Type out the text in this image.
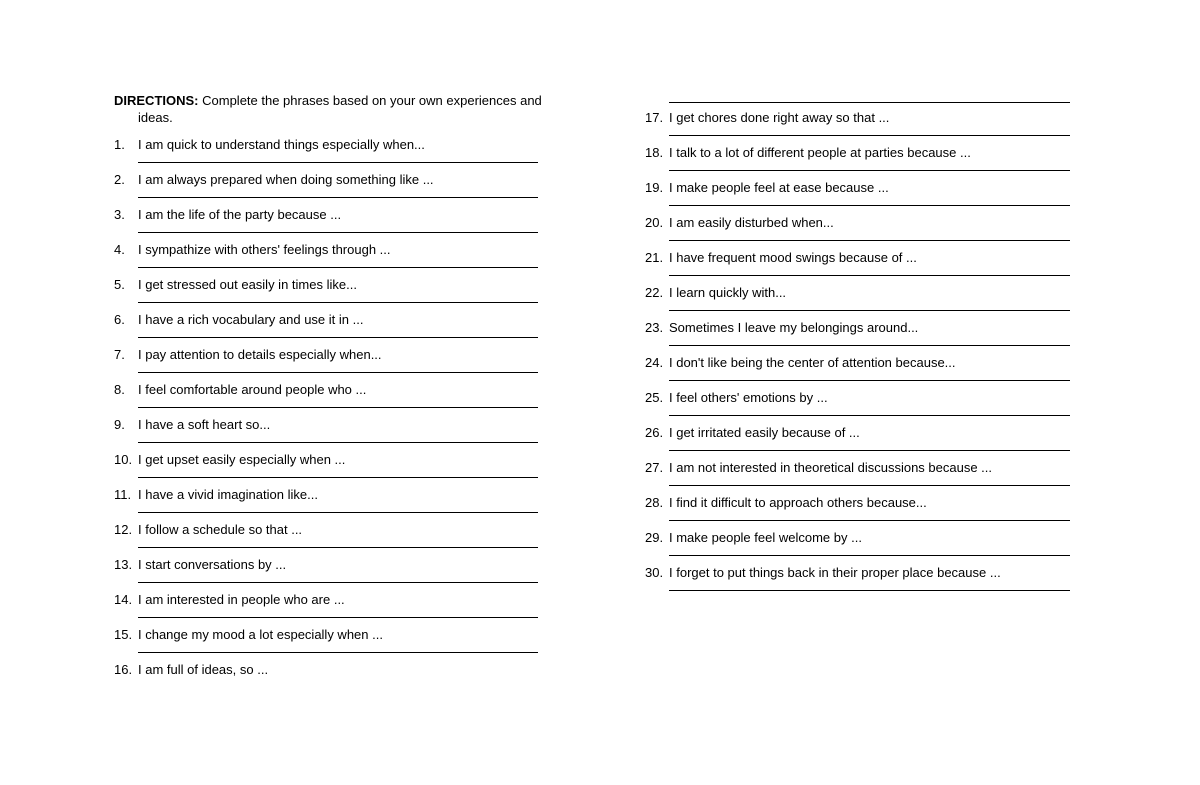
DIRECTIONS: Complete the phrases based on your own experiences and ideas.

1. I am quick to understand things especially when...
2. I am always prepared when doing something like ...
3. I am the life of the party because ...
4. I sympathize with others' feelings through ...
5. I get stressed out easily in times like...
6. I have a rich vocabulary and use it in ...
7. I pay attention to details especially when...
8. I feel comfortable around people who ...
9. I have a soft heart so...
10. I get upset easily especially when ...
11. I have a vivid imagination like...
12. I follow a schedule so that ...
13. I start conversations by ...
14. I am interested in people who are ...
15. I change my mood a lot especially when ...
16. I am full of ideas, so ...
17. I get chores done right away so that ...
18. I talk to a lot of different people at parties because ...
19. I make people feel at ease because ...
20. I am easily disturbed when...
21. I have frequent mood swings because of ...
22. I learn quickly with...
23. Sometimes I leave my belongings around...
24. I don't like being the center of attention because...
25. I feel others' emotions by ...
26. I get irritated easily because of ...
27. I am not interested in theoretical discussions because ...
28. I find it difficult to approach others because...
29. I make people feel welcome by ...
30. I forget to put things back in their proper place because ...
